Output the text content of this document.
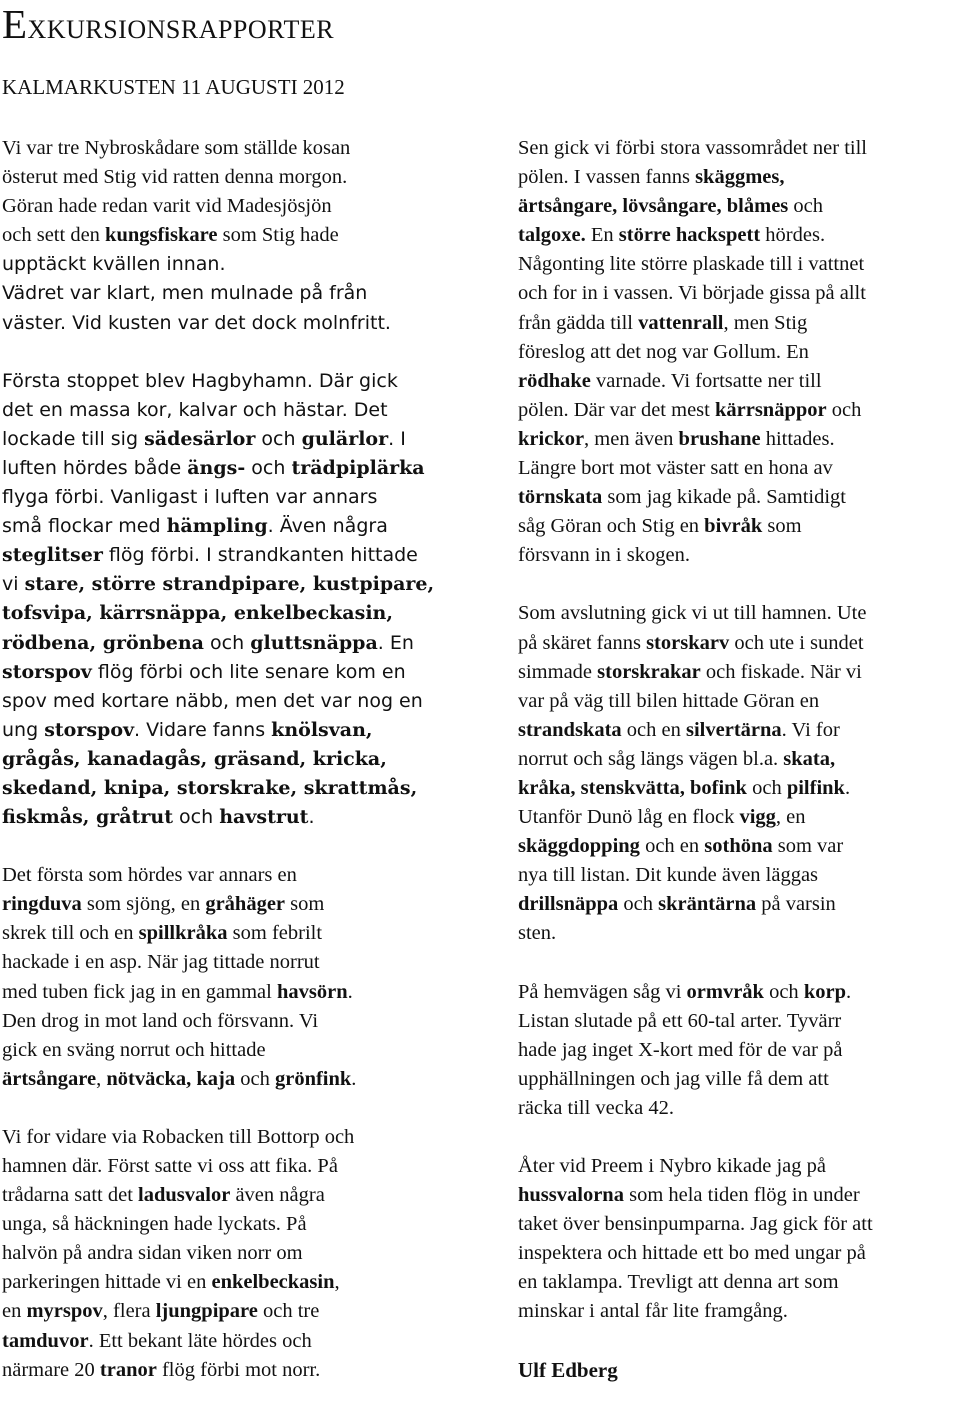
EXKURSIONSRAPPORTER
KALMARKUSTEN 11 AUGUSTI 2012

Vi var tre Nybroskådare som ställde kosan
österut med Stig vid ratten denna morgon.
Göran hade redan varit vid Madesjösjön
och sett den kungsfiskare som Stig hade

upptäckt kvällen innan.
Vädret var klart, men mulnade på från
väster. Vid kusten var det dock molnfritt.

Första stoppet blev Hagbyhamn. Där gick
det en massa kor, kalvar och hästar. Det
lockade till sig sädesärlor och gulärlor. I
luften hördes både ängs- och trädpiplärka
flyga förbi. Vanligast i luften var annars
små flockar med hämpling. Även några
steglitser flög förbi. I strandkanten hittade
vi stare, större strandpipare, kustpipare,
tofsvipa, kärrsnäppa, enkelbeckasin,
rödbena, grönbena och gluttsnäppa. En
storspov flög förbi och lite senare kom en
spov med kortare näbb, men det var nog en
ung storspov. Vidare fanns knölsvan,
grågås, kanadagås, gräsand, kricka,
skedand, knipa, storskrake, skrattmås,
fiskmås, gråtrut och havstrut.

Det första som hördes var annars en
ringduva som sjöng, en gråhäger som
skrek till och en spillkråka som febrilt
hackade i en asp. När jag tittade norrut
med tuben fick jag in en gammal havsörn.
Den drog in mot land och försvann. Vi
gick en sväng norrut och hittade
ärtsångare, nötväcka, kaja och grönfink.

Vi for vidare via Robacken till Bottorp och
hamnen där. Först satte vi oss att fika. På
trådarna satt det ladusvalor även några
unga, så häckningen hade lyckats. På
halvön på andra sidan viken norr om
parkeringen hittade vi en enkelbeckasin,
en myrspov, flera ljungpipare och tre
tamduvor. Ett bekant läte hördes och
närmare 20 tranor flög förbi mot norr.

Sen gick vi förbi stora vassområdet ner till
pölen. I vassen fanns skäggmes,
ärtsångare, lövsångare, blåmes och
talgoxe. En större hackspett hördes.
Någonting lite större plaskade till i vattnet
och for in i vassen. Vi började gissa på allt
från gädda till vattenrall, men Stig
föreslog att det nog var Gollum. En
rödhake varnade. Vi fortsatte ner till
pölen. Där var det mest kärrsnäppor och
krickor, men även brushane hittades.
Längre bort mot väster satt en hona av
törnskata som jag kikade på. Samtidigt
såg Göran och Stig en bivråk som
försvann in i skogen.

Som avslutning gick vi ut till hamnen. Ute
på skäret fanns storskarv och ute i sundet
simmade storskrakar och fiskade. När vi
var på väg till bilen hittade Göran en
strandskata och en silvertärna. Vi for
norrut och såg längs vägen bl.a. skata,
kråka, stenskvätta, bofink och pilfink.
Utanför Dunö låg en flock vigg, en
skäggdopping och en sothöna som var
nya till listan. Dit kunde även läggas
drillsnäppa och skräntärna på varsin
sten.

På hemvägen såg vi ormvråk och korp.
Listan slutade på ett 60-tal arter. Tyvärr
hade jag inget X-kort med för de var på
upphällningen och jag ville få dem att
räcka till vecka 42.

Åter vid Preem i Nybro kikade jag på
hussvalorna som hela tiden flög in under
taket över bensinpumparna. Jag gick för att
inspektera och hittade ett bo med ungar på
en taklampa. Trevligt att denna art som
minskar i antal får lite framgång.

Ulf Edberg
